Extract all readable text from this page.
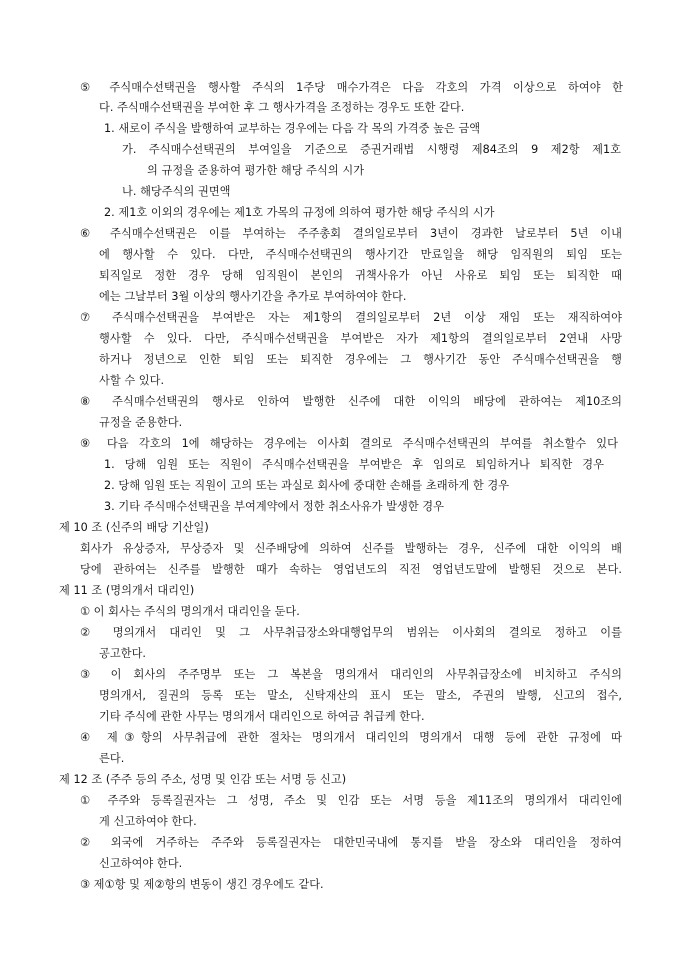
⑤ 주식매수선택권을 행사할 주식의 1주당 매수가격은 다음 각호의 가격 이상으로 하여야 한
다. 주식매수선택권을 부여한 후 그 행사가격을 조정하는 경우도 또한 같다.
1. 새로이 주식을 발행하여 교부하는 경우에는 다음 각 목의 가격중 높은 금액
가. 주식매수선택권의 부여일을 기준으로 증권거래법 시행령 제84조의 9 제2항 제1호
의 규정을 준용하여 평가한 해당 주식의 시가
나. 해당주식의 권면액
2. 제1호 이외의 경우에는 제1호 가목의 규정에 의하여 평가한 해당 주식의 시가
⑥ 주식매수선택권은 이를 부여하는 주주총회 결의일로부터 3년이 경과한 날로부터 5년 이내
에 행사할 수 있다. 다만, 주식매수선택권의 행사기간 만료일을 해당 임직원의 퇴임 또는
퇴직일로 정한 경우 당해 임직원이 본인의 귀책사유가 아닌 사유로 퇴임 또는 퇴직한 때
에는 그날부터 3월 이상의 행사기간을 추가로 부여하여야 한다.
⑦ 주식매수선택권을 부여받은 자는 제1항의 결의일로부터 2년 이상 재임 또는 재직하여야
행사할 수 있다. 다만, 주식매수선택권을 부여받은 자가 제1항의 결의일로부터 2연내 사망
하거나 정년으로 인한 퇴임 또는 퇴직한 경우에는 그 행사기간 동안 주식매수선택권을 행
사할 수 있다.
⑧ 주식매수선택권의 행사로 인하여 발행한 신주에 대한 이익의 배당에 관하여는 제10조의
규정을 준용한다.
⑨ 다음 각호의 1에 해당하는 경우에는 이사회 결의로 주식매수선택권의 부여를 취소할수 있다
1. 당해 임원 또는 직원이 주식매수선택권을 부여받은 후 임의로 퇴임하거나 퇴직한 경우
2. 당해 임원 또는 직원이 고의 또는 과실로 회사에 중대한 손해를 초래하게 한 경우
3. 기타 주식매수선택권을 부여계약에서 정한 취소사유가 발생한 경우
제 10 조 (신주의 배당 기산일)
회사가 유상증자, 무상증자 및 신주배당에 의하여 신주를 발행하는 경우, 신주에 대한 이익의 배
당에 관하여는 신주를 발행한 때가 속하는 영업년도의 직전 영업년도말에 발행된 것으로 본다.
제 11 조 (명의개서 대리인)
① 이 회사는 주식의 명의개서 대리인을 둔다.
② 명의개서 대리인 및 그 사무취급장소와대행업무의 범위는 이사회의 결의로 정하고 이를
공고한다.
③ 이 회사의 주주명부 또는 그 복본을 명의개서 대리인의 사무취급장소에 비치하고 주식의
명의개서, 질권의 등록 또는 말소, 신탁재산의 표시 또는 말소, 주권의 발행, 신고의 접수,
기타 주식에 관한 사무는 명의개서 대리인으로 하여금 취급케 한다.
④ 제③항의 사무취급에 관한 절차는 명의개서 대리인의 명의개서 대행 등에 관한 규정에 따
른다.
제 12 조 (주주 등의 주소, 성명 및 인감 또는 서명 등 신고)
① 주주와 등록질권자는 그 성명, 주소 및 인감 또는 서명 등을 제11조의 명의개서 대리인에
게 신고하여야 한다.
② 외국에 거주하는 주주와 등록질권자는 대한민국내에 통지를 받을 장소와 대리인을 정하여
신고하여야 한다.
③ 제①항 및 제②항의 변동이 생긴 경우에도 같다.
